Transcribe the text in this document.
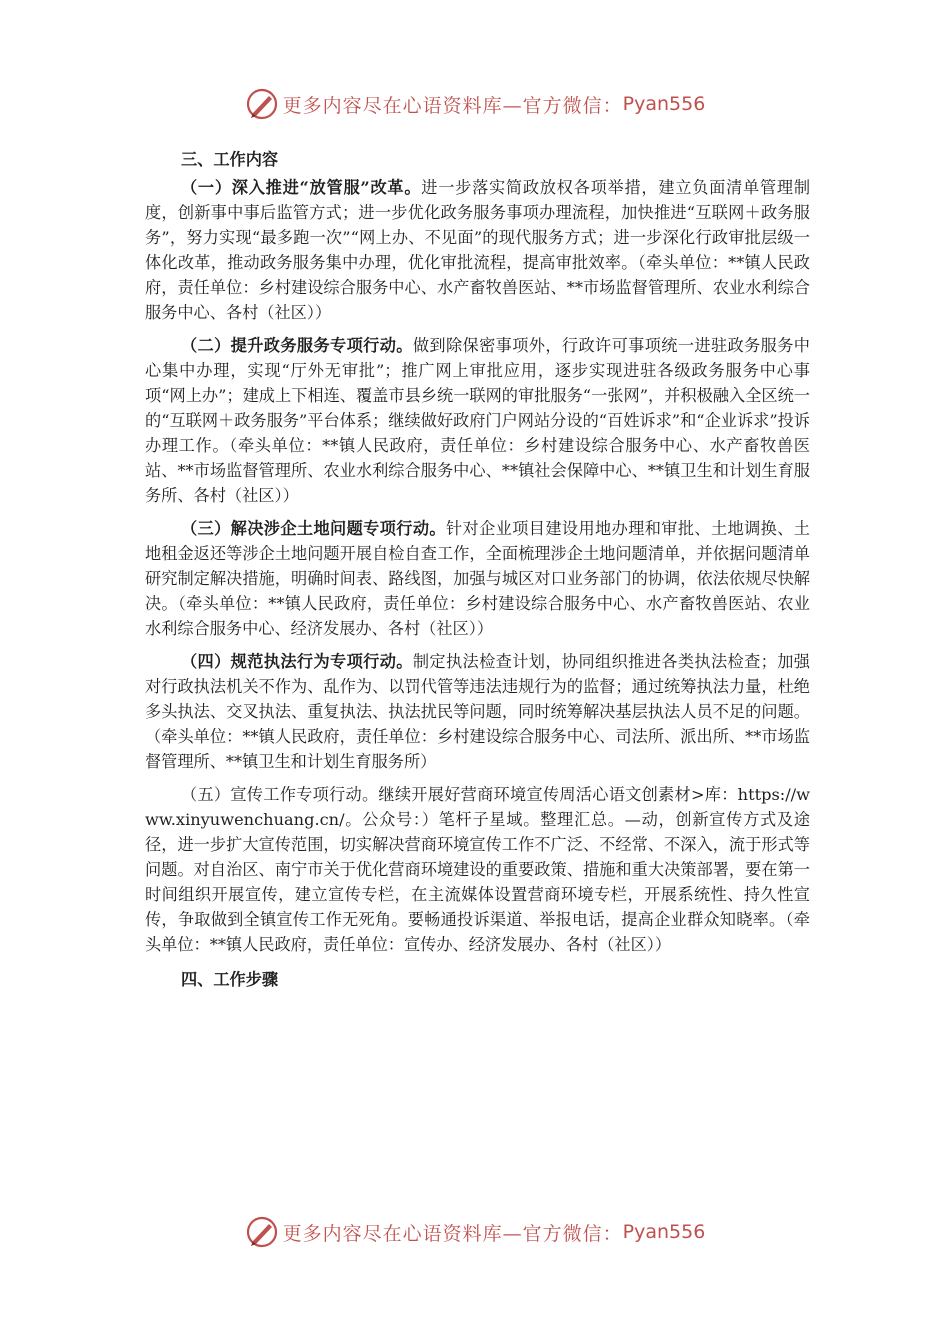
更多内容尽在心语资料库—官方微信： Pyan556

三、工作内容

（一）深入推进“放管服”改革。进一步落实简政放权各项举措，建立负面清单管理制度，创新事中事后监管方式；进一步优化政务服务事项办理流程，加快推进“互联网＋政务服务”，努力实现“最多跑一次”“网上办、不见面”的现代服务方式；进一步深化行政审批层级一体化改革，推动政务服务集中办理，优化审批流程，提高审批效率。（牵头单位：**镇人民政府，责任单位：乡村建设综合服务中心、水产畜牧兽医站、**市场监督管理所、农业水利综合服务中心、各村（社区））

（二）提升政务服务专项行动。做到除保密事项外，行政许可事项统一进驻政务服务中心集中办理，实现“厅外无审批”；推广网上审批应用，逐步实现进驻各级政务服务中心事项“网上办”；建成上下相连、覆盖市县乡统一联网的审批服务“一张网”，并积极融入全区统一的“互联网＋政务服务”平台体系；继续做好政府门户网站分设的“百姓诉求”和“企业诉求”投诉办理工作。（牵头单位：**镇人民政府，责任单位：乡村建设综合服务中心、水产畜牧兽医站、**市场监督管理所、农业水利综合服务中心、**镇社会保障中心、**镇卫生和计划生育服务所、各村（社区））

（三）解决涉企土地问题专项行动。针对企业项目建设用地办理和审批、土地调换、土地租金返还等涉企土地问题开展自检自查工作，全面梳理涉企土地问题清单，并依据问题清单研究制定解决措施，明确时间表、路线图，加强与城区对口业务部门的协调，依法依规尽快解决。（牵头单位：**镇人民政府，责任单位：乡村建设综合服务中心、水产畜牧兽医站、农业水利综合服务中心、经济发展办、各村（社区））

（四）规范执法行为专项行动。制定执法检查计划，协同组织推进各类执法检查；加强对行政执法机关不作为、乱作为、以罚代管等违法违规行为的监督；通过统筹执法力量，杜绝多头执法、交叉执法、重复执法、执法扰民等问题，同时统筹解决基层执法人员不足的问题。（牵头单位：**镇人民政府，责任单位：乡村建设综合服务中心、司法所、派出所、**市场监督管理所、**镇卫生和计划生育服务所）

（五）宣传工作专项行动。继续开展好营商环境宣传周活心语文创素材>库：https://www.xinyuwenchuang.cn/。公众号：）笔杆子星域。整理汇总。—动，创新宣传方式及途径，进一步扩大宣传范围，切实解决营商环境宣传工作不广泛、不经常、不深入，流于形式等问题。对自治区、南宁市关于优化营商环境建设的重要政策、措施和重大决策部署，要在第一时间组织开展宣传，建立宣传专栏，在主流媒体设置营商环境专栏，开展系统性、持久性宣传，争取做到全镇宣传工作无死角。要畅通投诉渠道、举报电话，提高企业群众知晓率。（牵头单位：**镇人民政府，责任单位：宣传办、经济发展办、各村（社区））

四、工作步骤

更多内容尽在心语资料库—官方微信： Pyan556
